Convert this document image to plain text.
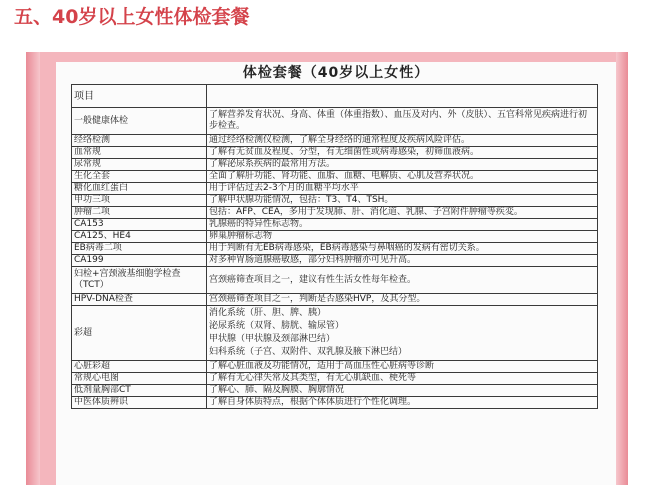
五、40岁以上女性体检套餐
体检套餐（40岁以上女性）
项目	
一般健康体检	了解营养发育状况、身高、体重（体重指数）、血压及对内、外（皮肤）、五官科常见疾病进行初步检查。
经络检测	通过经络检测仪检测，了解全身经络的通常程度及疾病风险评估。
血常规	了解有无贫血及程度、分型，有无细菌性或病毒感染，初筛血液病。
尿常规	了解泌尿系疾病的最常用方法。
生化全套	全面了解肝功能、肾功能、血脂、血糖、电解质、心肌及营养状况。
糖化血红蛋白	用于评估过去2-3个月的血糖平均水平
甲功三项	了解甲状腺功能情况，包括：T3、T4、TSH。
肿瘤二项	包括：AFP、CEA，多用于发现肺、肝、消化道、乳腺、子宫附件肿瘤等疾変。
CA153	乳腺癌的特异性标志物。
CA125、HE4	卵巢肿瘤标志物
EB病毒二项	用于判断有无EB病毒感染，EB病毒感染与鼻咽癌的发病有密切关系。
CA199	对多种胃肠道腺癌敏感，部分妇科肿瘤亦可见升高。
妇检+宫颈液基细胞学检查（TCT）	宫颈癌筛查项目之一，建议有性生活女性每年检查。
HPV-DNA检查	宫颈癌筛查项目之一，判断是否感染HVP，及其分型。
彩超	消化系统（肝、胆、脾、胰）
泌尿系统（双肾、膀胱、输尿管）
甲状腺（甲状腺及颈部淋巴结）
妇科系统（子宫、双附件、双乳腺及腋下淋巴结）

心脏彩超	了解心脏血液及功能情况，适用于高血压性心脏病等诊断
常规心电图	了解有无心律失常及其类型，有无心肌缺血、梗死等
低剂量胸部CT	了解心、肺、隔及胸膜、胸廓情况
中医体质辨识	了解自身体质特点，根据个体体质进行个性化调理。
